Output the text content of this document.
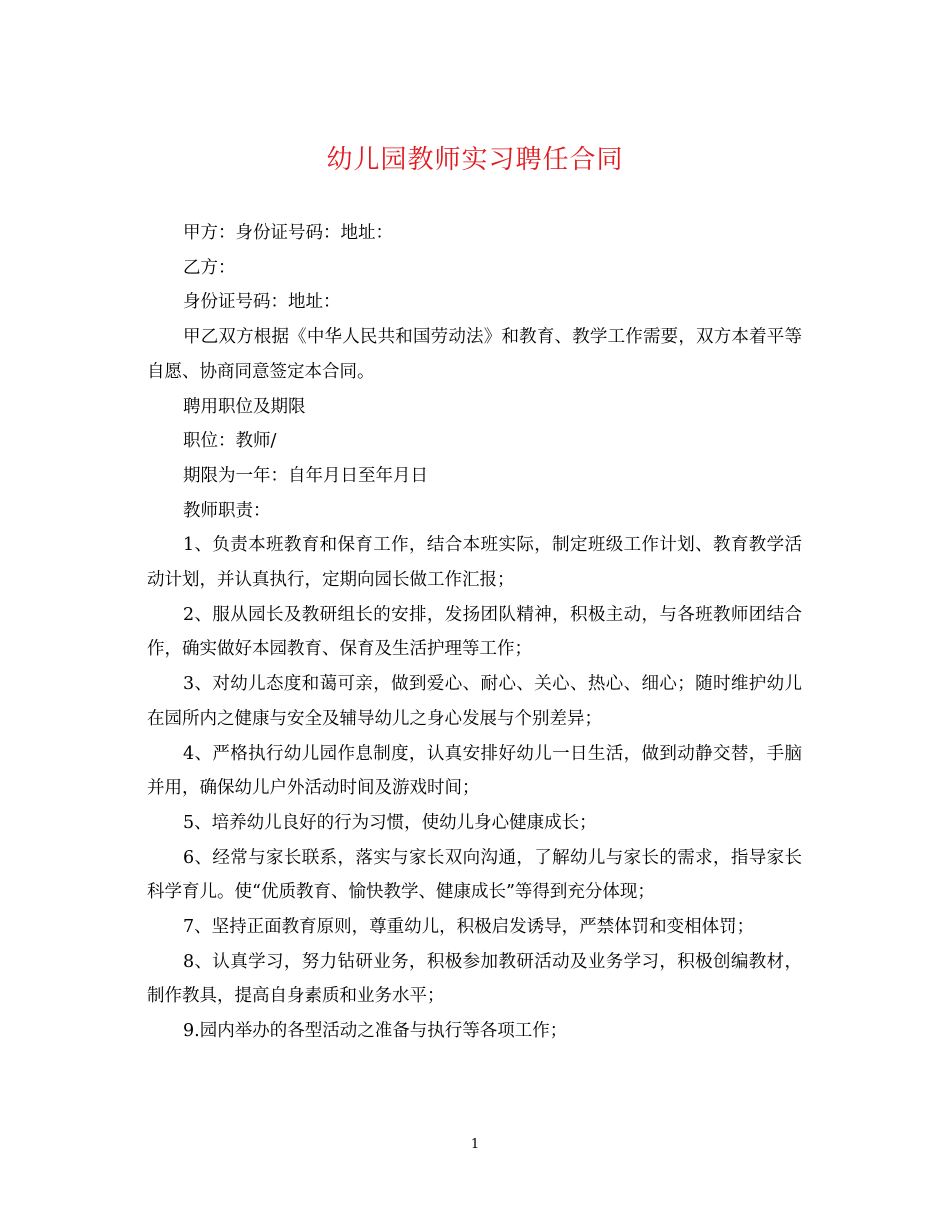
幼儿园教师实习聘任合同

甲方：身份证号码：地址：

乙方：

身份证号码：地址：

甲乙双方根据《中华人民共和国劳动法》和教育、教学工作需要，双方本着平等自愿、协商同意签定本合同。

聘用职位及期限

职位：教师/

期限为一年：自年月日至年月日

教师职责：

1、负责本班教育和保育工作，结合本班实际，制定班级工作计划、教育教学活动计划，并认真执行，定期向园长做工作汇报；

2、服从园长及教研组长的安排，发扬团队精神，积极主动，与各班教师团结合作，确实做好本园教育、保育及生活护理等工作；

3、对幼儿态度和蔼可亲，做到爱心、耐心、关心、热心、细心；随时维护幼儿在园所内之健康与安全及辅导幼儿之身心发展与个别差异；

4、严格执行幼儿园作息制度，认真安排好幼儿一日生活，做到动静交替，手脑并用，确保幼儿户外活动时间及游戏时间；

5、培养幼儿良好的行为习惯，使幼儿身心健康成长；

6、经常与家长联系，落实与家长双向沟通，了解幼儿与家长的需求，指导家长科学育儿。使“优质教育、愉快教学、健康成长”等得到充分体现；

7、坚持正面教育原则，尊重幼儿，积极启发诱导，严禁体罚和变相体罚；

8、认真学习，努力钻研业务，积极参加教研活动及业务学习，积极创编教材，制作教具，提高自身素质和业务水平；

9.园内举办的各型活动之准备与执行等各项工作；

1
